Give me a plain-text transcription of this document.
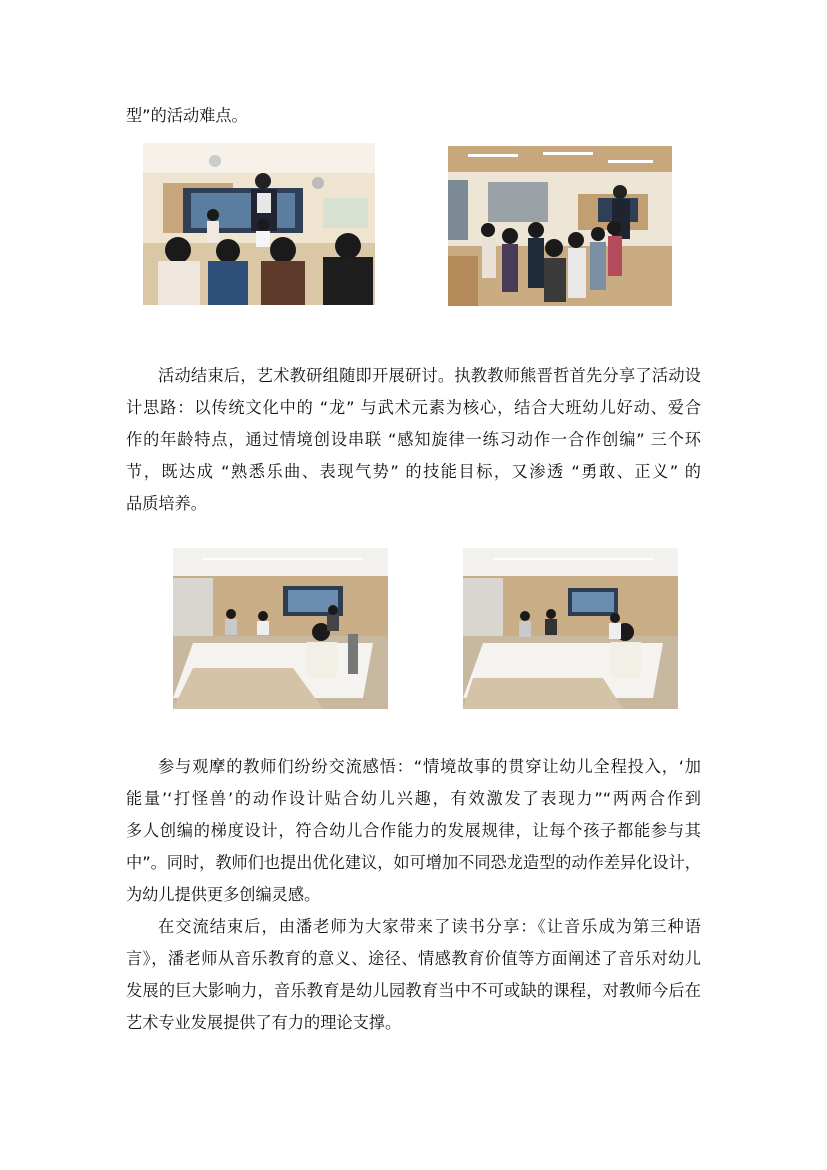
型”的活动难点。

活动结束后，艺术教研组随即开展研讨。执教教师熊晋哲首先分享了活动设

计思路：以传统文化中的 “龙” 与武术元素为核心，结合大班幼儿好动、爱合

作的年龄特点，通过情境创设串联 “感知旋律一练习动作一合作创编” 三个环

节，既达成 “熟悉乐曲、表现气势” 的技能目标，又渗透 “勇敢、正义” 的

品质培养。

参与观摩的教师们纷纷交流感悟：“情境故事的贯穿让幼儿全程投入，‘加

能量’‘打怪兽’的动作设计贴合幼儿兴趣，有效激发了表现力”“两两合作到

多人创编的梯度设计，符合幼儿合作能力的发展规律，让每个孩子都能参与其

中”。同时，教师们也提出优化建议，如可增加不同恐龙造型的动作差异化设计，

为幼儿提供更多创编灵感。

在交流结束后，由潘老师为大家带来了读书分享：《让音乐成为第三种语

言》，潘老师从音乐教育的意义、途径、情感教育价值等方面阐述了音乐对幼儿

发展的巨大影响力，音乐教育是幼儿园教育当中不可或缺的课程，对教师今后在

艺术专业发展提供了有力的理论支撑。
